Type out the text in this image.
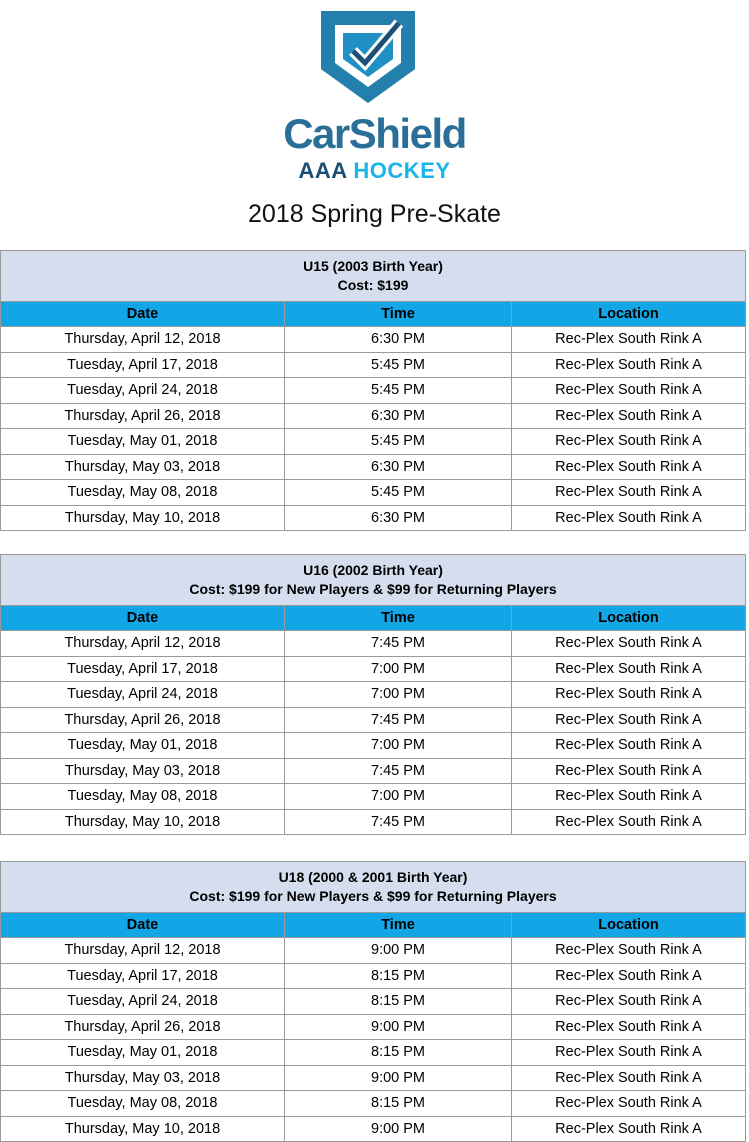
CarShield
AAA HOCKEY
2018 Spring Pre-Skate
U15 (2003 Birth Year)
Cost: $199		

Date	Time	Location
Thursday, April 12, 2018	6:30 PM	Rec-Plex South Rink A
Tuesday, April 17, 2018	5:45 PM	Rec-Plex South Rink A
Tuesday, April 24, 2018	5:45 PM	Rec-Plex South Rink A
Thursday, April 26, 2018	6:30 PM	Rec-Plex South Rink A
Tuesday, May 01, 2018	5:45 PM	Rec-Plex South Rink A
Thursday, May 03, 2018	6:30 PM	Rec-Plex South Rink A
Tuesday, May 08, 2018	5:45 PM	Rec-Plex South Rink A
Thursday, May 10, 2018	6:30 PM	Rec-Plex South Rink A
U16 (2002 Birth Year)
Cost: $199 for New Players & $99 for Returning Players		

Date	Time	Location
Thursday, April 12, 2018	7:45 PM	Rec-Plex South Rink A
Tuesday, April 17, 2018	7:00 PM	Rec-Plex South Rink A
Tuesday, April 24, 2018	7:00 PM	Rec-Plex South Rink A
Thursday, April 26, 2018	7:45 PM	Rec-Plex South Rink A
Tuesday, May 01, 2018	7:00 PM	Rec-Plex South Rink A
Thursday, May 03, 2018	7:45 PM	Rec-Plex South Rink A
Tuesday, May 08, 2018	7:00 PM	Rec-Plex South Rink A
Thursday, May 10, 2018	7:45 PM	Rec-Plex South Rink A
U18 (2000 & 2001 Birth Year)
Cost: $199 for New Players & $99 for Returning Players		

Date	Time	Location
Thursday, April 12, 2018	9:00 PM	Rec-Plex South Rink A
Tuesday, April 17, 2018	8:15 PM	Rec-Plex South Rink A
Tuesday, April 24, 2018	8:15 PM	Rec-Plex South Rink A
Thursday, April 26, 2018	9:00 PM	Rec-Plex South Rink A
Tuesday, May 01, 2018	8:15 PM	Rec-Plex South Rink A
Thursday, May 03, 2018	9:00 PM	Rec-Plex South Rink A
Tuesday, May 08, 2018	8:15 PM	Rec-Plex South Rink A
Thursday, May 10, 2018	9:00 PM	Rec-Plex South Rink A
